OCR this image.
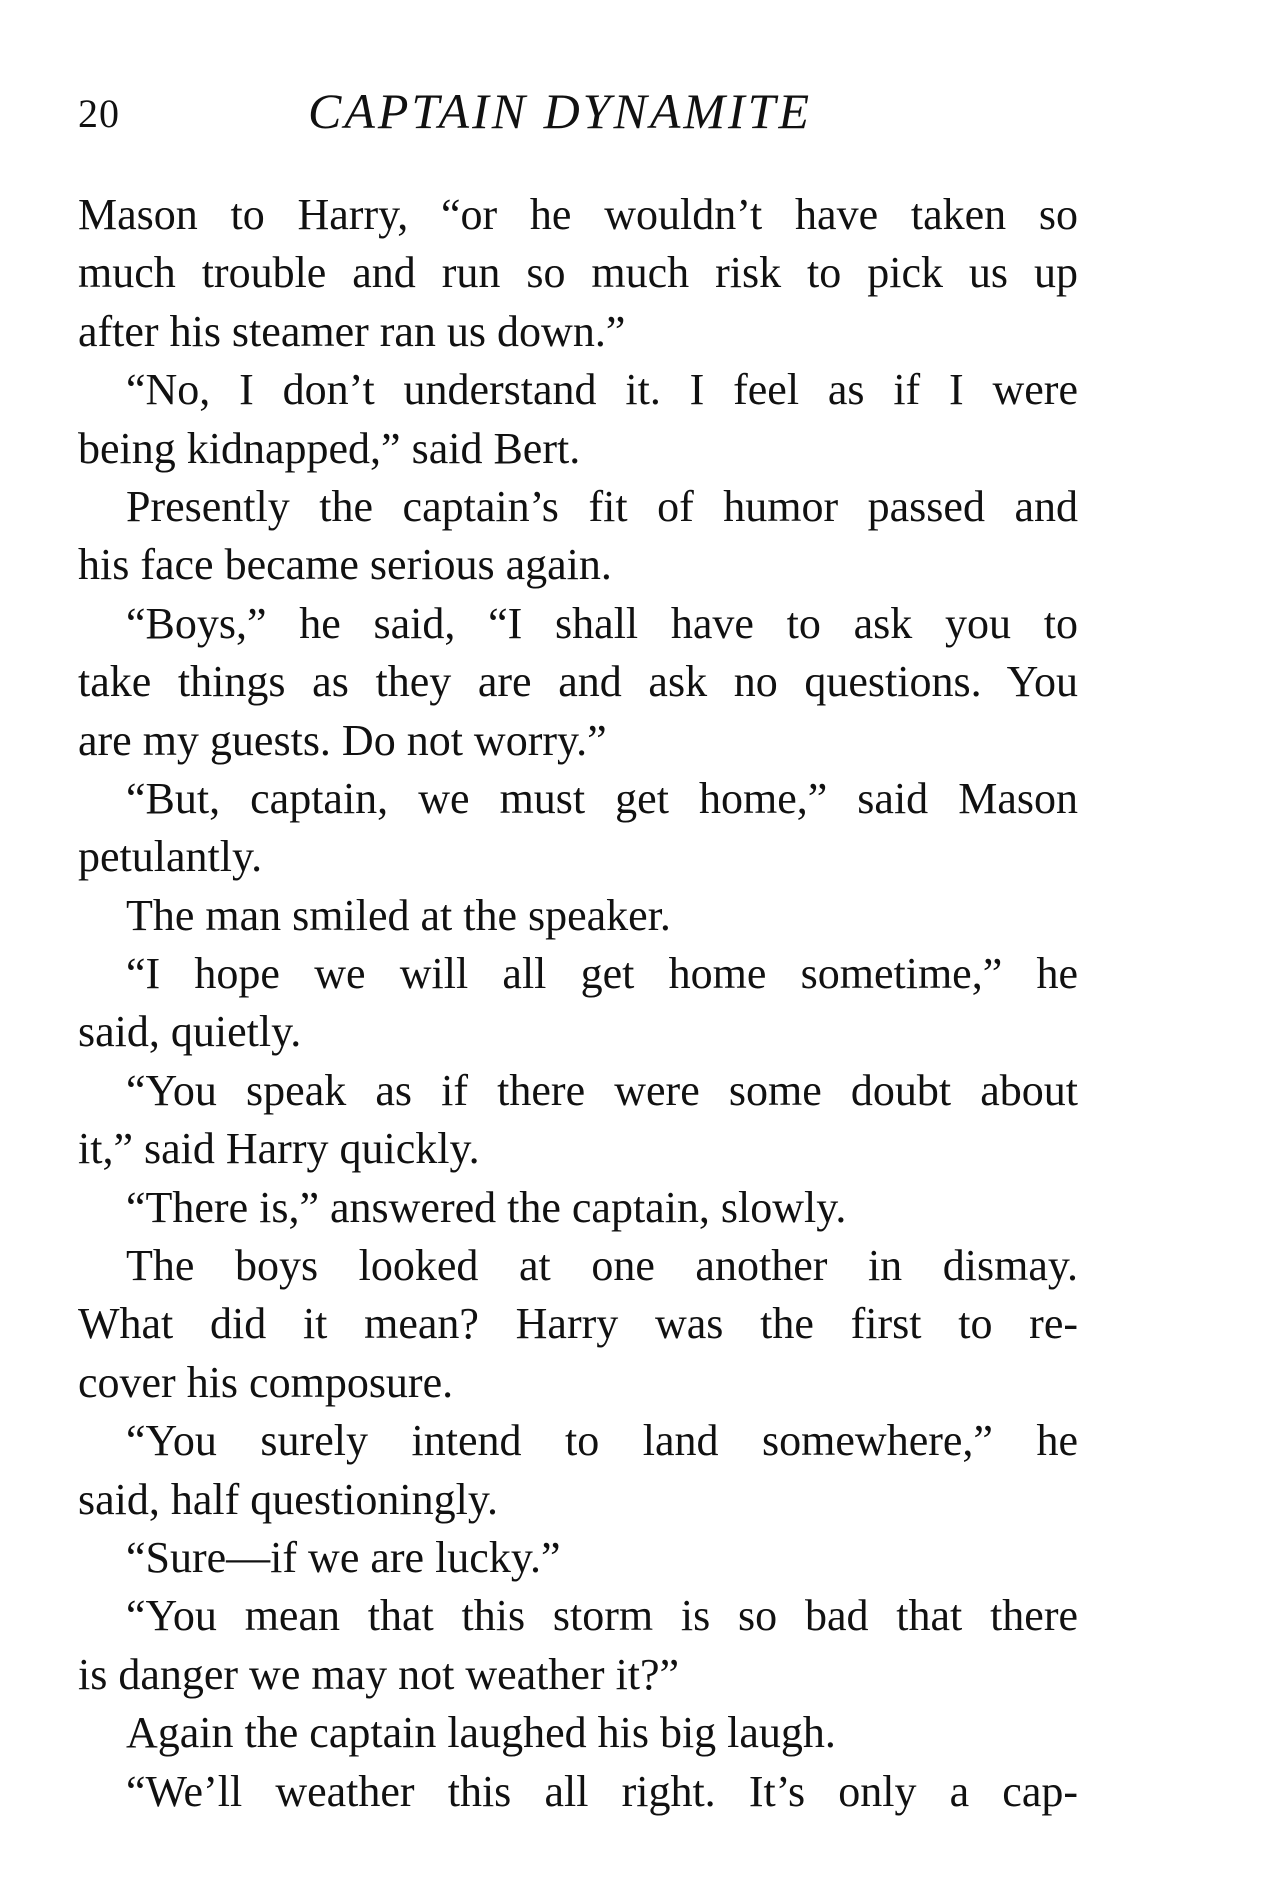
20	CAPTAIN DYNAMITE
Mason to Harry, “or he wouldn’t have taken so
much trouble and run so much risk to pick us up
after his steamer ran us down.”
“No, I don’t understand it. I feel as if I were
being kidnapped,” said Bert.
Presently the captain’s fit of humor passed and
his face became serious again.
“Boys,” he said, “I shall have to ask you to
take things as they are and ask no questions. You
are my guests. Do not worry.”
“But, captain, we must get home,” said Mason
petulantly.
The man smiled at the speaker.
“I hope we will all get home sometime,” he
said, quietly.
“You speak as if there were some doubt about
it,” said Harry quickly.
“There is,” answered the captain, slowly.
The boys looked at one another in dismay.
What did it mean? Harry was the first to re-
cover his composure.
“You surely intend to land somewhere,” he
said, half questioningly.
“Sure—if we are lucky.”
“You mean that this storm is so bad that there
is danger we may not weather it?”
Again the captain laughed his big laugh.
“We’ll weather this all right. It’s only a cap-
